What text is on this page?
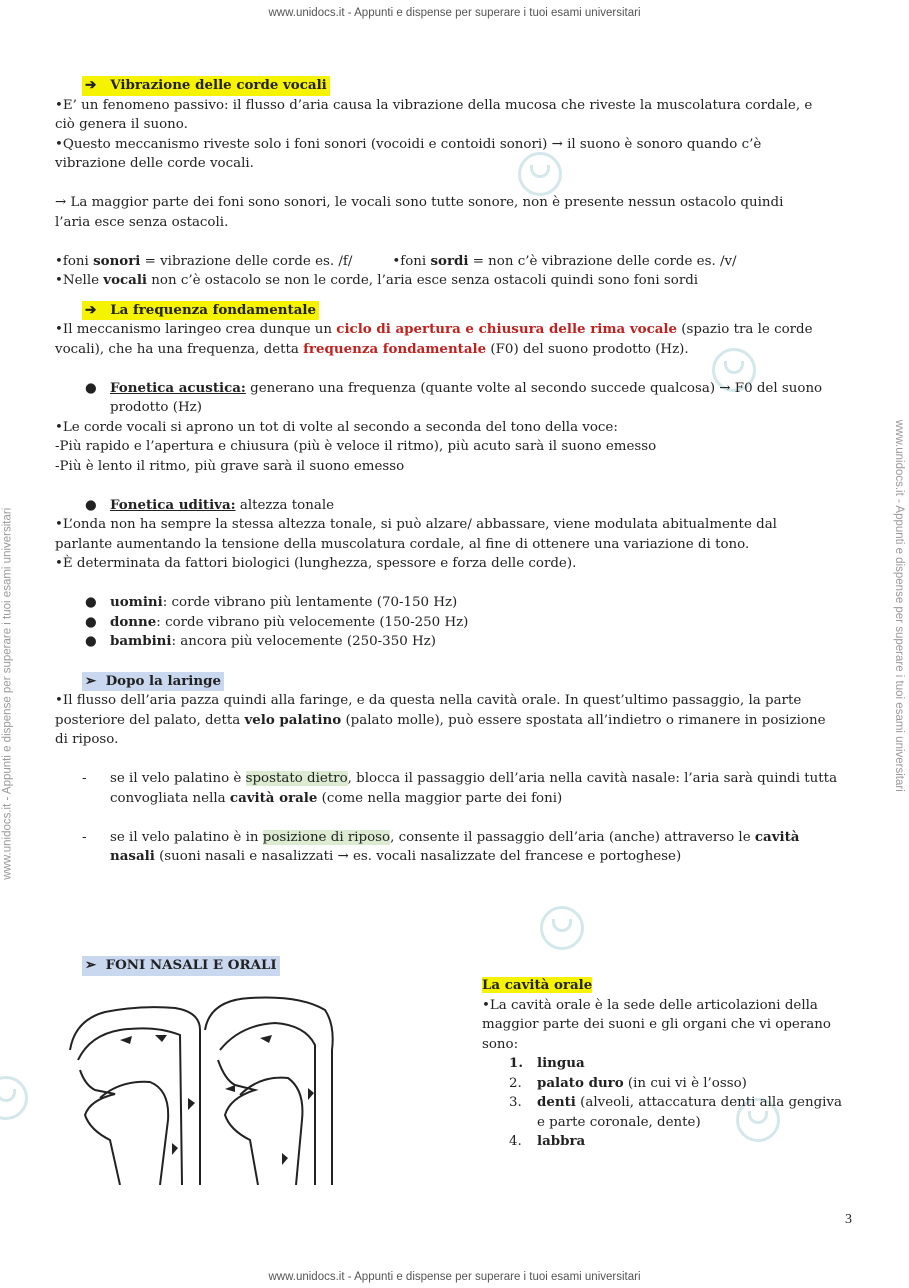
www.unidocs.it - Appunti e dispense per superare i tuoi esami universitari
www.unidocs.it - Appunti e dispense per superare i tuoi esami universitari
www.unidocs.it - Appunti e dispense per superare i tuoi esami universitari	www.unidocs.it - Appunti e dispense per superare i tuoi esami universitari
➔ Vibrazione delle corde vocali
•E’ un fenomeno passivo: il flusso d’aria causa la vibrazione della mucosa che riveste la muscolatura cordale, e
ciò genera il suono.
•Questo meccanismo riveste solo i foni sonori (vocoidi e contoidi sonori) → il suono è sonoro quando c’è
vibrazione delle corde vocali.
→ La maggior parte dei foni sono sonori, le vocali sono tutte sonore, non è presente nessun ostacolo quindi
l’aria esce senza ostacoli.
•foni sonori = vibrazione delle corde es. /f/	•foni sordi = non c’è vibrazione delle corde es. /v/
•Nelle vocali non c’è ostacolo se non le corde, l’aria esce senza ostacoli quindi sono foni sordi
➔ La frequenza fondamentale
•Il meccanismo laringeo crea dunque un ciclo di apertura e chiusura delle rima vocale (spazio tra le corde
vocali), che ha una frequenza, detta frequenza fondamentale (F0) del suono prodotto (Hz).
● Fonetica acustica: generano una frequenza (quante volte al secondo succede qualcosa) → F0 del suono
prodotto (Hz)
•Le corde vocali si aprono un tot di volte al secondo a seconda del tono della voce:
-Più rapido e l’apertura e chiusura (più è veloce il ritmo), più acuto sarà il suono emesso
-Più è lento il ritmo, più grave sarà il suono emesso
● Fonetica uditiva: altezza tonale
•L’onda non ha sempre la stessa altezza tonale, si può alzare/ abbassare, viene modulata abitualmente dal
parlante aumentando la tensione della muscolatura cordale, al fine di ottenere una variazione di tono.
•È determinata da fattori biologici (lunghezza, spessore e forza delle corde).
● uomini: corde vibrano più lentamente (70-150 Hz)
● donne: corde vibrano più velocemente (150-250 Hz)
● bambini: ancora più velocemente (250-350 Hz)
➢ Dopo la laringe
•Il flusso dell’aria pazza quindi alla faringe, e da questa nella cavità orale. In quest’ultimo passaggio, la parte
posteriore del palato, detta velo palatino (palato molle), può essere spostata all’indietro o rimanere in posizione
di riposo.
- se il velo palatino è spostato dietro, blocca il passaggio dell’aria nella cavità nasale: l’aria sarà quindi tutta
convogliata nella cavità orale (come nella maggior parte dei foni)
- se il velo palatino è in posizione di riposo, consente il passaggio dell’aria (anche) attraverso le cavità
nasali (suoni nasali e nasalizzati → es. vocali nasalizzate del francese e portoghese)
➢ FONI NASALI E ORALI
La cavità orale
•La cavità orale è la sede delle articolazioni della
maggior parte dei suoni e gli organi che vi operano
sono:
1. lingua
2. palato duro (in cui vi è l’osso)
3. denti (alveoli, attaccatura denti alla gengiva
e parte coronale, dente)
4. labbra
3
